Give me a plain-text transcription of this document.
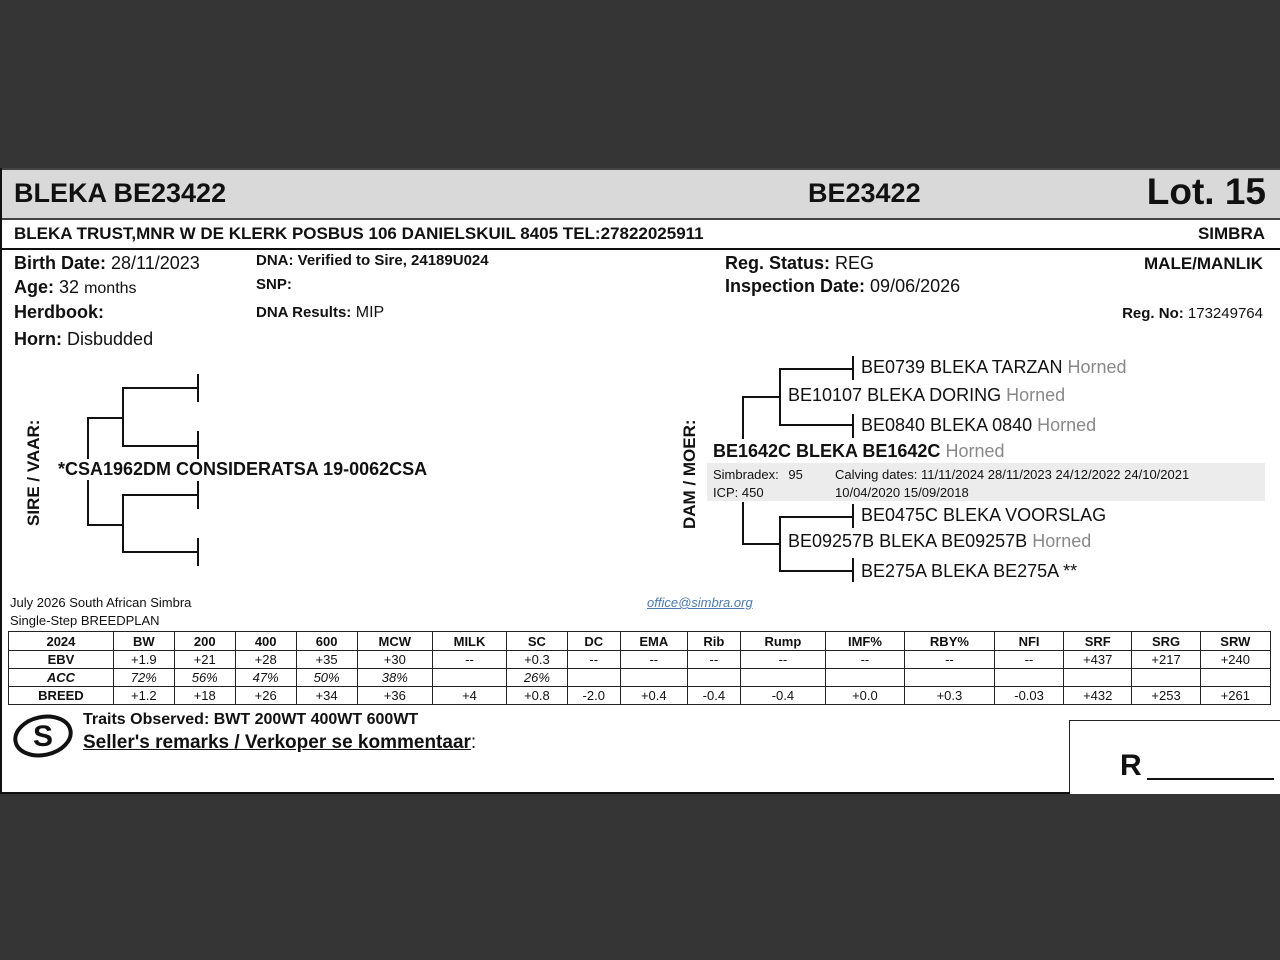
BLEKA BE23422	BE23422	Lot. 15
BLEKA TRUST,MNR W DE KLERK POSBUS 106 DANIELSKUIL 8405 TEL:27822025911	SIMBRA
Birth Date: 28/11/2023
Age: 32 months
Herdbook:
Horn: Disbudded
DNA: Verified to Sire, 24189U024
SNP:
DNA Results: MIP
Reg. Status: REG
Inspection Date: 09/06/2026
MALE/MANLIK
Reg. No: 173249764
SIRE / VAAR: *CSA1962DM CONSIDERATSA 19-0062CSA	DAM / MOER:
BE0739 BLEKA TARZAN Horned
BE10107 BLEKA DORING Horned
BE0840 BLEKA 0840 Horned
BE1642C BLEKA BE1642C Horned
Simbradex: 95
ICP: 450
Calving dates: 11/11/2024 28/11/2023 24/12/2022 24/10/2021
10/04/2020 15/09/2018
BE0475C BLEKA VOORSLAG
BE09257B BLEKA BE09257B Horned
BE275A BLEKA BE275A **
July 2026 South African Simbra
Single-Step BREEDPLAN
office@simbra.org
2024	BW	200	400	600	MCW	MILK	SC	DC	EMA	Rib	Rump	IMF%	RBY%	NFI	SRF	SRG	SRW
EBV	+1.9	+21	+28	+35	+30	--	+0.3	--	--	--	--	--	--	--	+437	+217	+240
ACC	72%	56%	47%	50%	38%		26%										
BREED	+1.2	+18	+26	+34	+36	+4	+0.8	-2.0	+0.4	-0.4	-0.4	+0.0	+0.3	-0.03	+432	+253	+261
S
Traits Observed: BWT 200WT 400WT 600WT
Seller's remarks / Verkoper se kommentaar:
R
